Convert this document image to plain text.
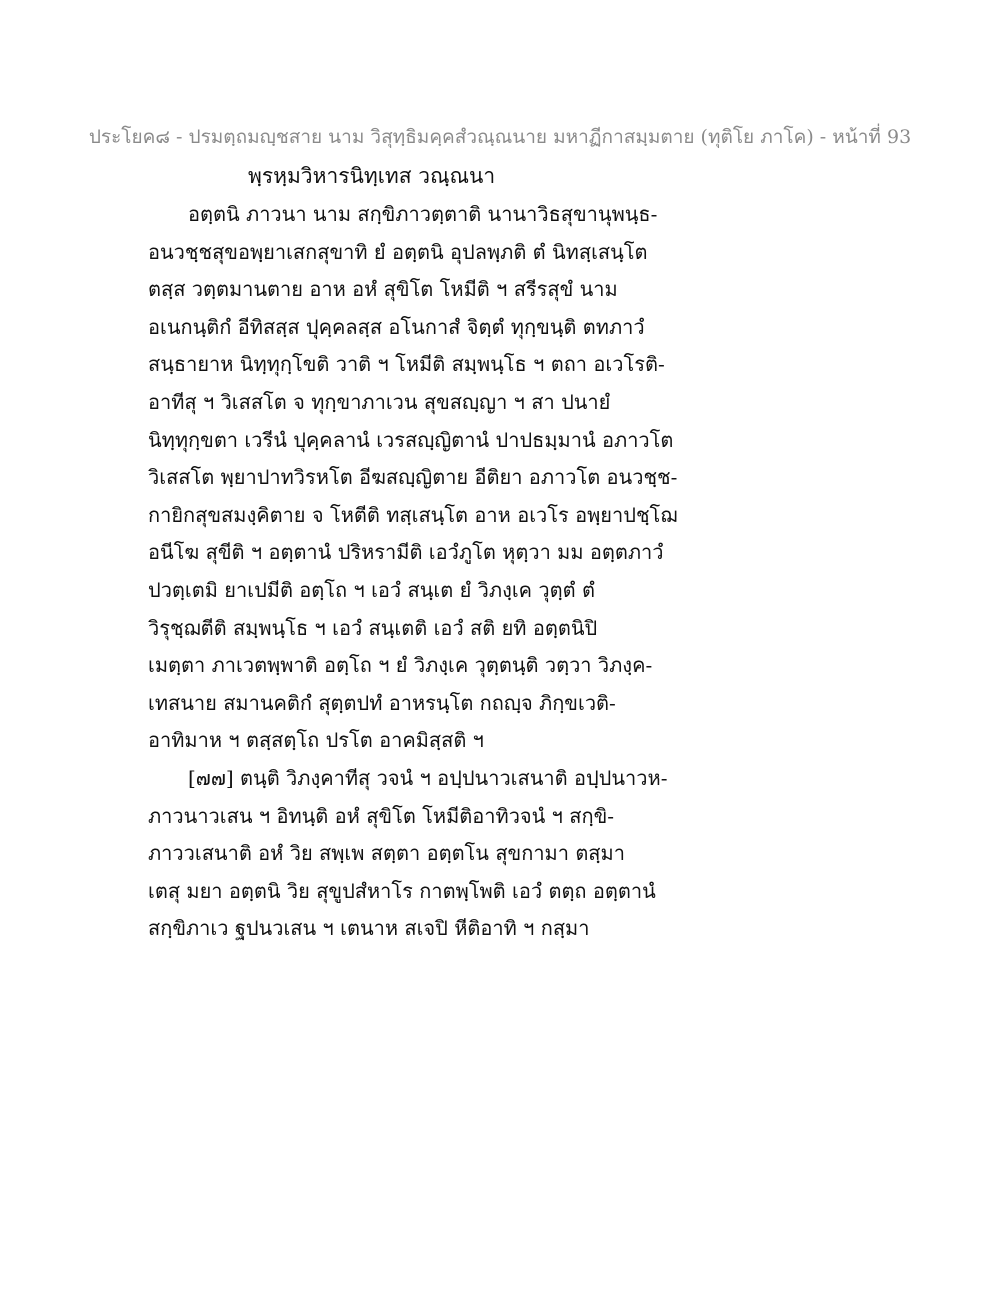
ประโยค๘ - ปรมตฺถมญฺชสาย นาม วิสุทฺธิมคฺคสํวณฺณนาย มหาฏีกาสมฺมตาย (ทุติโย ภาโค) - หน้าที่ 93
พฺรหฺมวิหารนิทฺเทส วณฺณนา
อตฺตนิ ภาวนา นาม สกฺขิภาวตฺตาติ นานาวิธสุขานุพนฺธ-
อนวชฺชสุขอพฺยาเสกสุขาทิ ยํ อตฺตนิ อุปลพฺภติ ตํ นิทสฺเสนฺโต
ตสฺส วตฺตมานตาย อาห อหํ สุขิโต โหมีติ ฯ สรีรสุขํ นาม
อเนกนฺติกํ อีทิสสฺส ปุคฺคลสฺส อโนกาสํ จิตฺตํ ทุกฺขนฺติ ตทภาวํ
สนฺธายาห นิทฺทุกฺโขติ วาติ ฯ โหมีติ สมฺพนฺโธ ฯ ตถา อเวโรติ-
อาทีสุ ฯ วิเสสโต จ ทุกฺขาภาเวน สุขสญฺญา ฯ สา ปนายํ
นิทฺทุกฺขตา เวรีนํ ปุคฺคลานํ เวรสญฺญิตานํ ปาปธมฺมานํ อภาวโต
วิเสสโต พฺยาปาทวิรหโต อีฆสญฺญิตาย อีติยา อภาวโต อนวชฺช-
กายิกสุขสมงฺคิตาย จ โหตีติ ทสฺเสนฺโต อาห อเวโร อพฺยาปชฺโฌ
อนีโฆ สุขีติ ฯ อตฺตานํ ปริหรามีติ เอวํภูโต หุตฺวา มม อตฺตภาวํ
ปวตฺเตมิ ยาเปมีติ อตฺโถ ฯ เอวํ สนฺเต ยํ วิภงฺเค วุตฺตํ ตํ
วิรุชฺฌตีติ สมฺพนฺโธ ฯ เอวํ สนฺเตติ เอวํ สติ ยทิ อตฺตนิปิ
เมตฺตา ภาเวตพฺพาติ อตฺโถ ฯ ยํ วิภงฺเค วุตฺตนฺติ วตฺวา วิภงฺค-
เทสนาย สมานคติกํ สุตฺตปทํ อาหรนฺโต กถญฺจ ภิกฺขเวติ-
อาทิมาห ฯ ตสฺสตฺโถ ปรโต อาคมิสฺสติ ฯ
[๗๗] ตนฺติ วิภงฺคาทีสุ วจนํ ฯ อปฺปนาวเสนาติ อปฺปนาวห-
ภาวนาวเสน ฯ อิทนฺติ อหํ สุขิโต โหมีติอาทิวจนํ ฯ สกฺขิ-
ภาววเสนาติ อหํ วิย สพฺเพ สตฺตา อตฺตโน สุขกามา ตสฺมา
เตสุ มยา อตฺตนิ วิย สุขูปสํหาโร กาตพฺโพติ เอวํ ตตฺถ อตฺตานํ
สกฺขิภาเว ฐปนวเสน ฯ เตนาห สเจปิ หีติอาทิ ฯ กสฺมา
